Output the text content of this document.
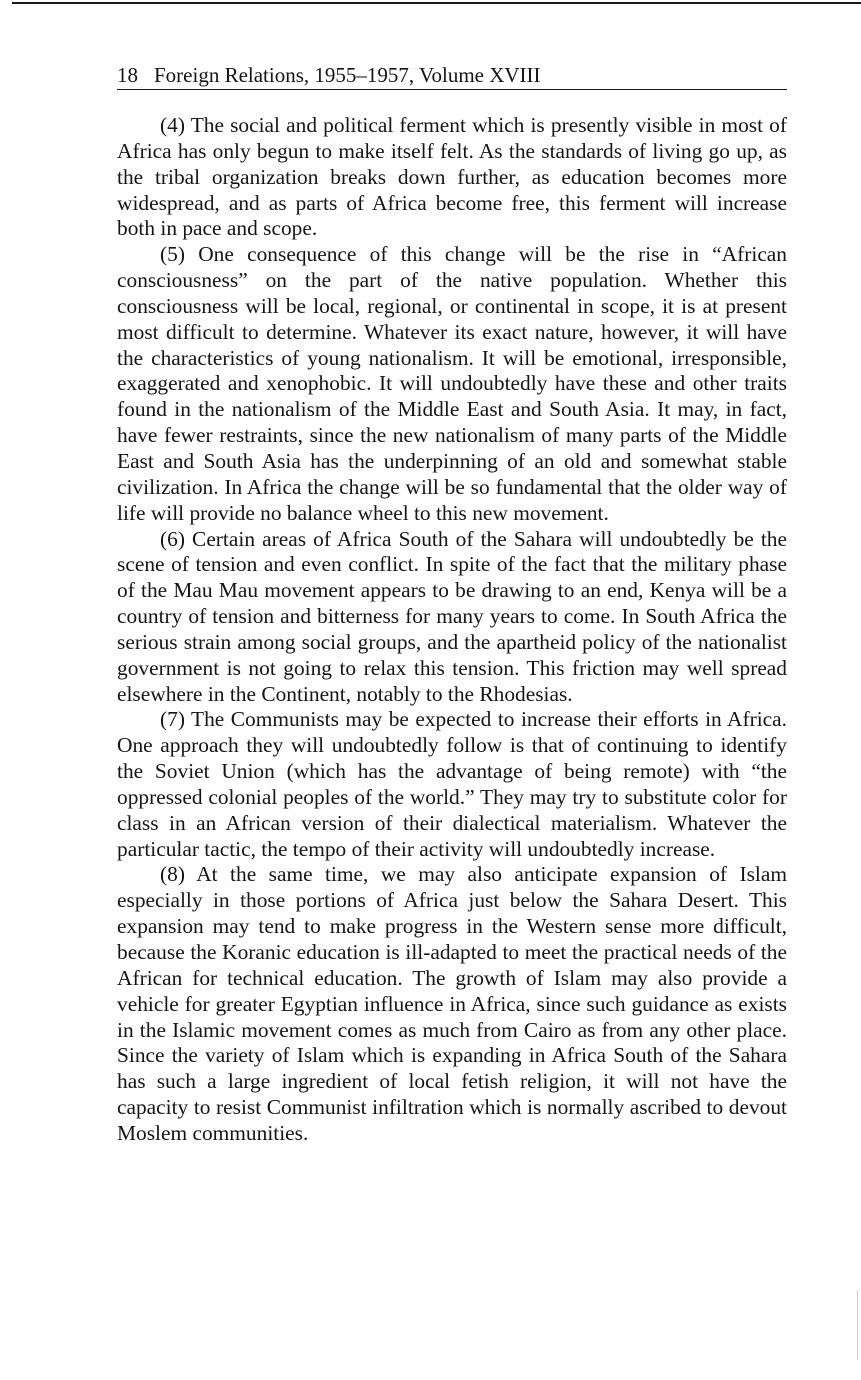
18 Foreign Relations, 1955–1957, Volume XVIII

(4) The social and political ferment which is presently visible in most of Africa has only begun to make itself felt. As the standards of living go up, as the tribal organization breaks down further, as education becomes more widespread, and as parts of Africa become free, this ferment will increase both in pace and scope.

(5) One consequence of this change will be the rise in “African consciousness” on the part of the native population. Whether this consciousness will be local, regional, or continental in scope, it is at present most difficult to determine. Whatever its exact nature, however, it will have the characteristics of young nationalism. It will be emotional, irresponsible, exaggerated and xenophobic. It will undoubtedly have these and other traits found in the nationalism of the Middle East and South Asia. It may, in fact, have fewer restraints, since the new nationalism of many parts of the Middle East and South Asia has the underpinning of an old and somewhat stable civilization. In Africa the change will be so fundamental that the older way of life will provide no balance wheel to this new movement.

(6) Certain areas of Africa South of the Sahara will undoubtedly be the scene of tension and even conflict. In spite of the fact that the military phase of the Mau Mau movement appears to be drawing to an end, Kenya will be a country of tension and bitterness for many years to come. In South Africa the serious strain among social groups, and the apartheid policy of the nationalist government is not going to relax this tension. This friction may well spread elsewhere in the Continent, notably to the Rhodesias.

(7) The Communists may be expected to increase their efforts in Africa. One approach they will undoubtedly follow is that of continuing to identify the Soviet Union (which has the advantage of being remote) with “the oppressed colonial peoples of the world.” They may try to substitute color for class in an African version of their dialectical materialism. Whatever the particular tactic, the tempo of their activity will undoubtedly increase.

(8) At the same time, we may also anticipate expansion of Islam especially in those portions of Africa just below the Sahara Desert. This expansion may tend to make progress in the Western sense more difficult, because the Koranic education is ill-adapted to meet the practical needs of the African for technical education. The growth of Islam may also provide a vehicle for greater Egyptian influence in Africa, since such guidance as exists in the Islamic movement comes as much from Cairo as from any other place. Since the variety of Islam which is expanding in Africa South of the Sahara has such a large ingredient of local fetish religion, it will not have the capacity to resist Communist infiltration which is normally ascribed to devout Moslem communities.
